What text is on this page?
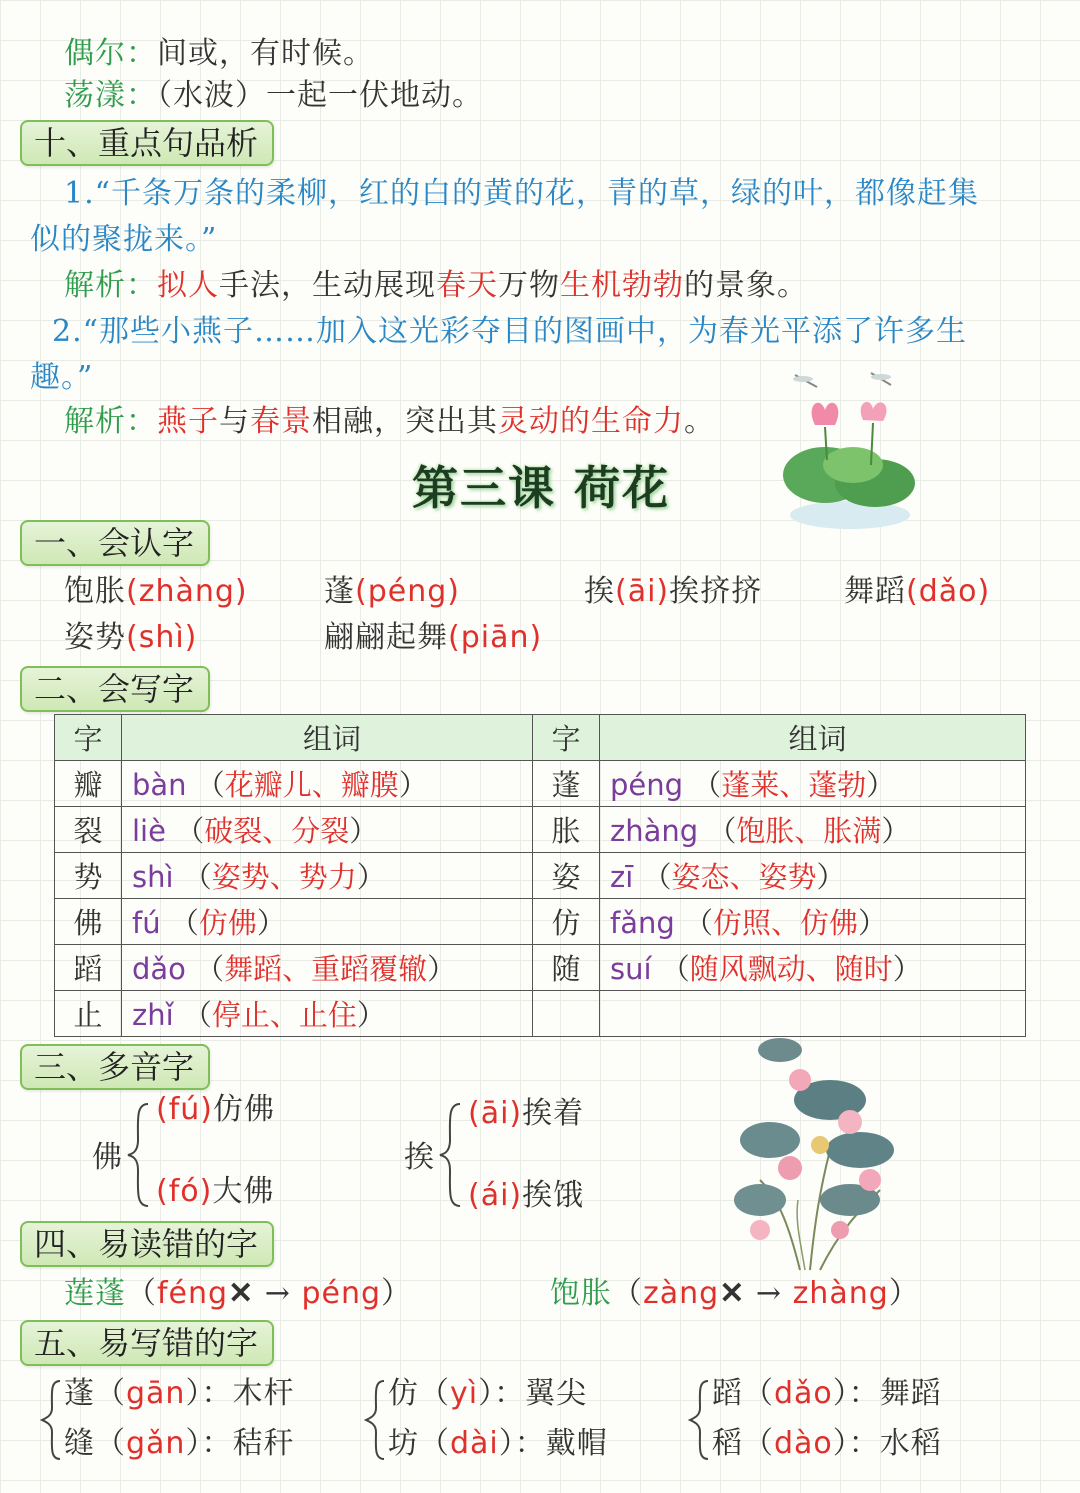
偶尔：间或，有时候。
荡漾：（水波）一起一伏地动。
十、重点句品析
1.“千条万条的柔柳，红的白的黄的花，青的草，绿的叶，都像赶集
似的聚拢来。”
解析：拟人手法，生动展现春天万物生机勃勃的景象。
2.“那些小燕子……加入这光彩夺目的图画中，为春光平添了许多生
趣。”
解析：燕子与春景相融，突出其灵动的生命力。
第三课 荷花
一、会认字
饱胀(zhàng)	蓬(péng)	挨(āi)挨挤挤	舞蹈(dǎo)
姿势(shì)	翩翩起舞(piān)
二、会写字
字	组词	字	组词
瓣	bàn （花瓣儿、瓣膜）	蓬	péng （蓬莱、蓬勃）
裂	liè （破裂、分裂）	胀	zhàng （饱胀、胀满）
势	shì （姿势、势力）	姿	zī （姿态、姿势）
佛	fú （仿佛）	仿	fǎng （仿照、仿佛）
蹈	dǎo （舞蹈、重蹈覆辙）	随	suí （随风飘动、随时）
止	zhǐ （停止、止住）		
三、多音字
佛
(fú)仿佛
(fó)大佛
挨
(āi)挨着
(ái)挨饿
四、易读错的字
莲蓬（féng✕ → péng）	饱胀（zàng✕ → zhàng）
五、易写错的字
蓬（gān）：木杆
缝（gǎn）：秸秆
仿（yì）：翼尖
坊（dài）：戴帽
蹈（dǎo）：舞蹈
稻（dào）：水稻
